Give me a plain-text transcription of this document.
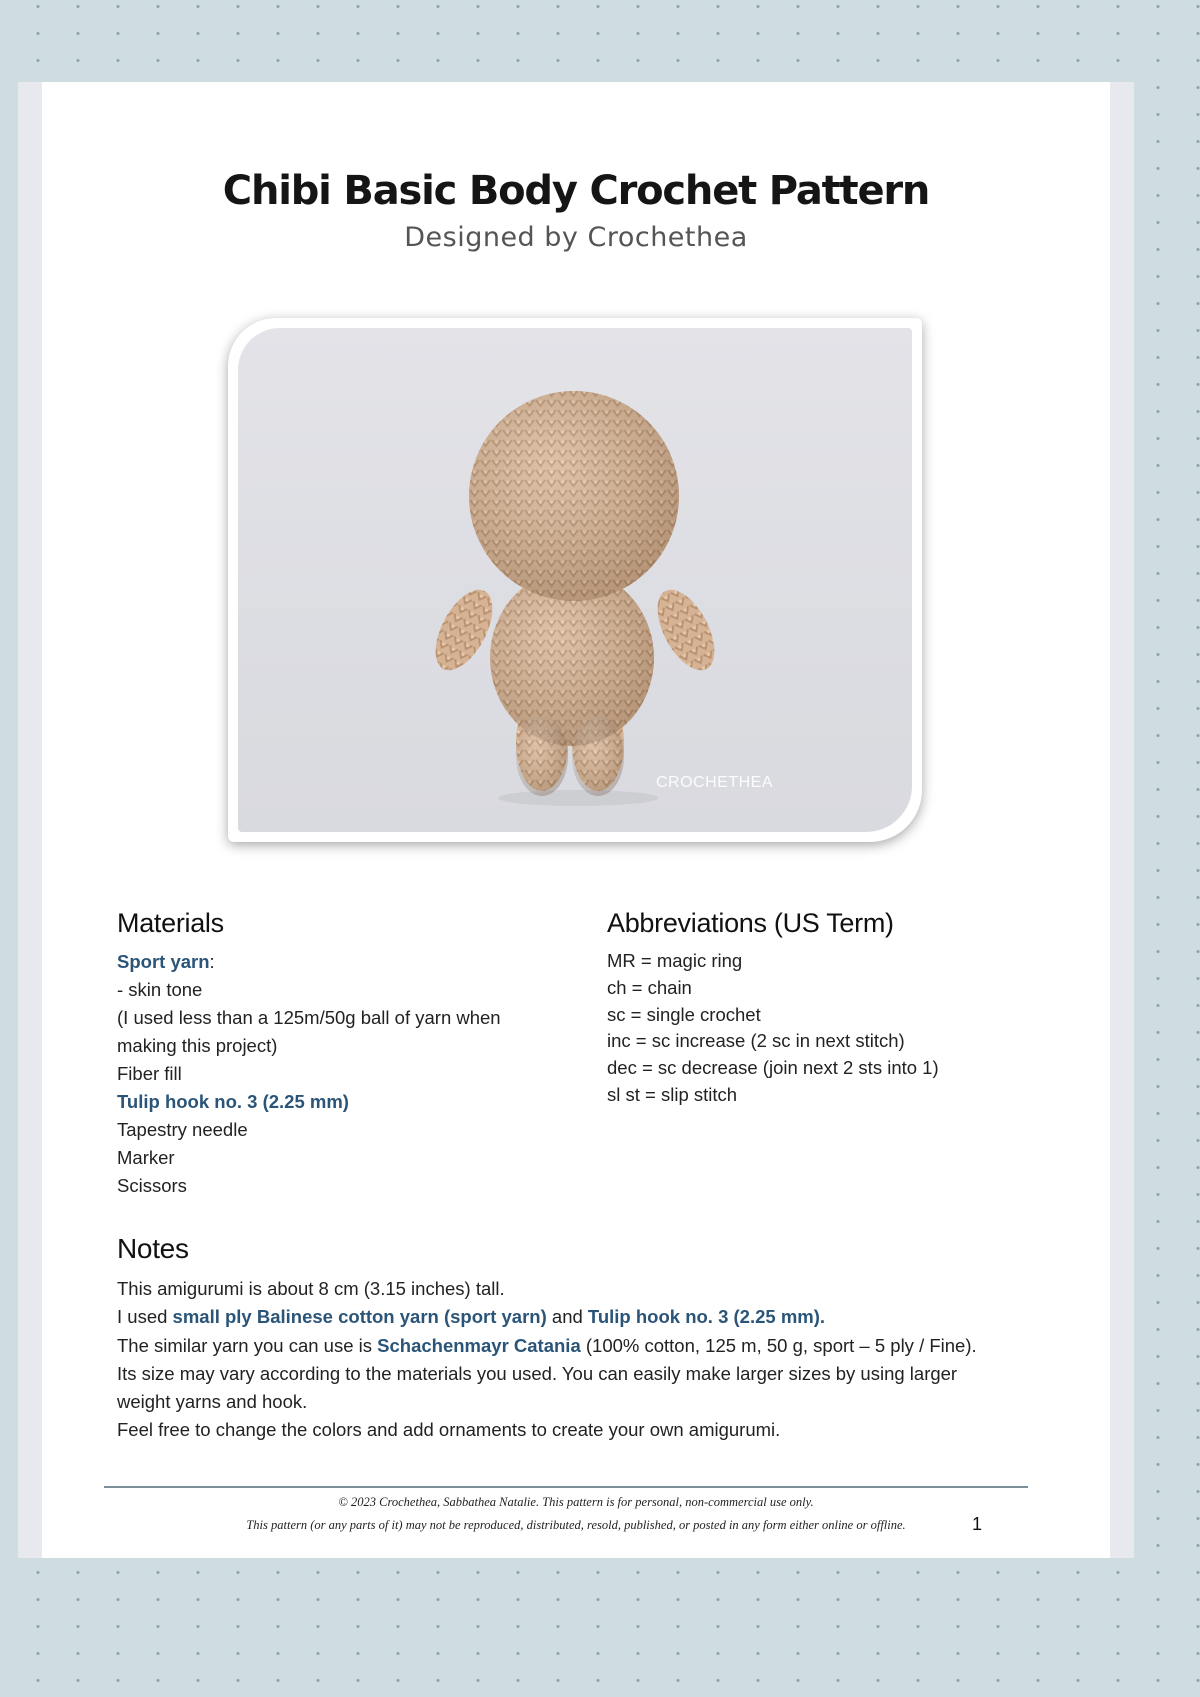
Chibi Basic Body Crochet Pattern
Designed by Crochethea
CROCHETHEA
Materials
Sport yarn:
- skin tone
(I used less than a 125m/50g ball of yarn when
making this project)
Fiber fill
Tulip hook no. 3 (2.25 mm)
Tapestry needle
Marker
Scissors
Abbreviations (US Term)
MR = magic ring
ch = chain
sc = single crochet
inc = sc increase (2 sc in next stitch)
dec = sc decrease (join next 2 sts into 1)
sl st = slip stitch
Notes
This amigurumi is about 8 cm (3.15 inches) tall.
I used small ply Balinese cotton yarn (sport yarn) and Tulip hook no. 3 (2.25 mm).
The similar yarn you can use is Schachenmayr Catania (100% cotton, 125 m, 50 g, sport – 5 ply / Fine).
Its size may vary according to the materials you used. You can easily make larger sizes by using larger
weight yarns and hook.
Feel free to change the colors and add ornaments to create your own amigurumi.
© 2023 Crochethea, Sabbathea Natalie. This pattern is for personal, non-commercial use only.
This pattern (or any parts of it) may not be reproduced, distributed, resold, published, or posted in any form either online or offline.	1
